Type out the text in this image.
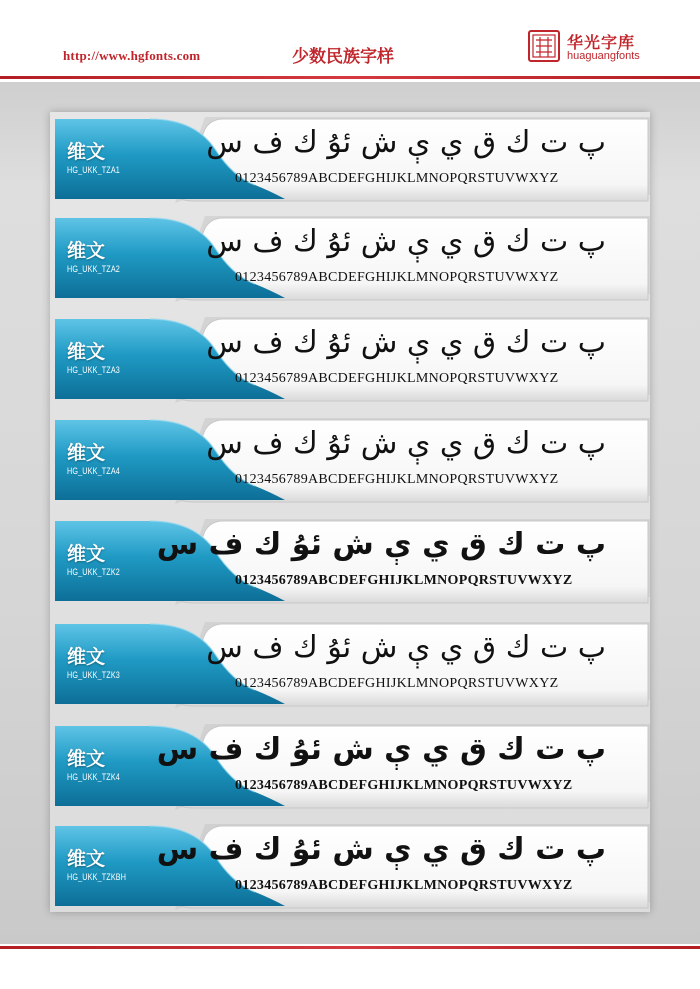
http://www.hgfonts.com	少数民族字样
华光字库
huaguangfonts
维文
HG_UKK_TZA1
پ ت ك ق ي ې ش ئۇ ك ف س
0123456789ABCDEFGHIJKLMNOPQRSTUVWXYZ
维文
HG_UKK_TZA2
پ ت ك ق ي ې ش ئۇ ك ف س
0123456789ABCDEFGHIJKLMNOPQRSTUVWXYZ
维文
HG_UKK_TZA3
پ ت ك ق ي ې ش ئۇ ك ف س
0123456789ABCDEFGHIJKLMNOPQRSTUVWXYZ
维文
HG_UKK_TZA4
پ ت ك ق ي ې ش ئۇ ك ف س
0123456789ABCDEFGHIJKLMNOPQRSTUVWXYZ
维文
HG_UKK_TZK2
پ ت ك ق ي ې ش ئۇ ك ف س
0123456789ABCDEFGHIJKLMNOPQRSTUVWXYZ
维文
HG_UKK_TZK3
پ ت ك ق ي ې ش ئۇ ك ف س
0123456789ABCDEFGHIJKLMNOPQRSTUVWXYZ
维文
HG_UKK_TZK4
پ ت ك ق ي ې ش ئۇ ك ف س
0123456789ABCDEFGHIJKLMNOPQRSTUVWXYZ
维文
HG_UKK_TZKBH
پ ت ك ق ي ې ش ئۇ ك ف س
0123456789ABCDEFGHIJKLMNOPQRSTUVWXYZ
